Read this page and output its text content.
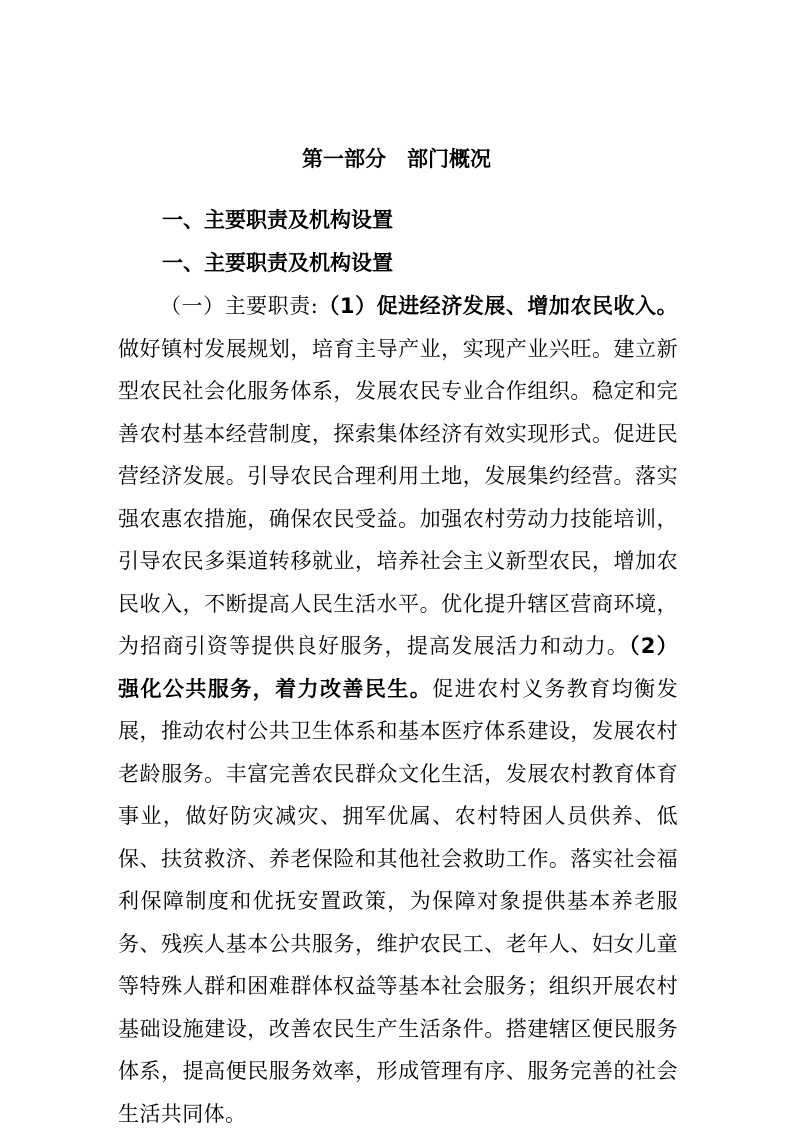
第一部分　部门概况
一、主要职责及机构设置
一、主要职责及机构设置

（一）主要职责:（1）促进经济发展、增加农民收入。做好镇村发展规划，培育主导产业，实现产业兴旺。建立新型农民社会化服务体系，发展农民专业合作组织。稳定和完善农村基本经营制度，探索集体经济有效实现形式。促进民营经济发展。引导农民合理利用土地，发展集约经营。落实强农惠农措施，确保农民受益。加强农村劳动力技能培训，引导农民多渠道转移就业，培养社会主义新型农民，增加农民收入，不断提高人民生活水平。优化提升辖区营商环境，为招商引资等提供良好服务，提高发展活力和动力。（2）强化公共服务，着力改善民生。促进农村义务教育均衡发展，推动农村公共卫生体系和基本医疗体系建设，发展农村老龄服务。丰富完善农民群众文化生活，发展农村教育体育事业，做好防灾减灾、拥军优属、农村特困人员供养、低保、扶贫救济、养老保险和其他社会救助工作。落实社会福利保障制度和优抚安置政策，为保障对象提供基本养老服务、残疾人基本公共服务，维护农民工、老年人、妇女儿童等特殊人群和困难群体权益等基本社会服务；组织开展农村基础设施建设，改善农民生产生活条件。搭建辖区便民服务体系，提高便民服务效率，形成管理有序、服务完善的社会生活共同体。
